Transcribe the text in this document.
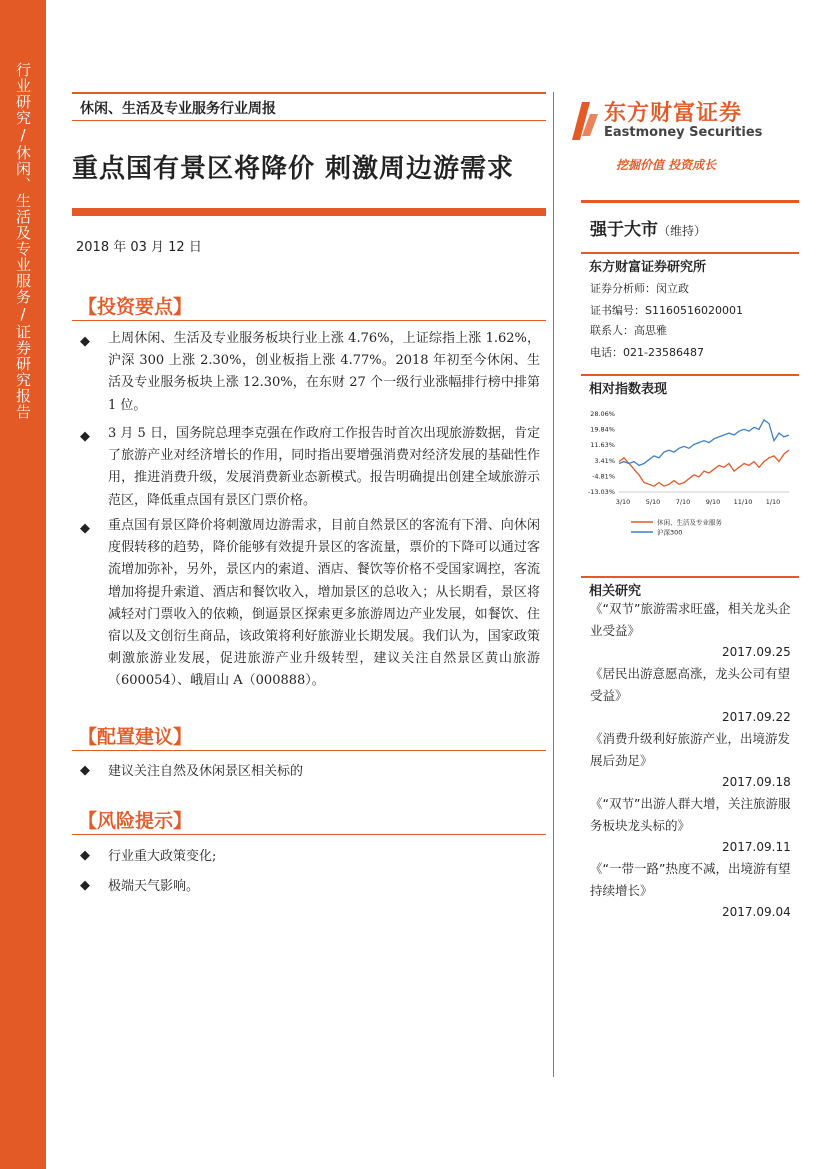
行业研究/休闲、生活及专业服务/证券研究报告	休闲、生活及专业服务行业周报
重点国有景区将降价 刺激周边游需求
2018 年 03 月 12 日
【投资要点】
◆ 上周休闲、生活及专业服务板块行业上涨 4.76%，上证综指上涨 1.62%，沪深 300 上涨 2.30%，创业板指上涨 4.77%。2018 年初至今休闲、生活及专业服务板块上涨 12.30%，在东财 27 个一级行业涨幅排行榜中排第 1 位。
◆ 3 月 5 日，国务院总理李克强在作政府工作报告时首次出现旅游数据，肯定了旅游产业对经济增长的作用，同时指出要增强消费对经济发展的基础性作用，推进消费升级，发展消费新业态新模式。报告明确提出创建全域旅游示范区，降低重点国有景区门票价格。
◆ 重点国有景区降价将刺激周边游需求，目前自然景区的客流有下滑、向休闲度假转移的趋势，降价能够有效提升景区的客流量，票价的下降可以通过客流增加弥补，另外，景区内的索道、酒店、餐饮等价格不受国家调控，客流增加将提升索道、酒店和餐饮收入，增加景区的总收入；从长期看，景区将减轻对门票收入的依赖，倒逼景区探索更多旅游周边产业发展，如餐饮、住宿以及文创衍生商品，该政策将利好旅游业长期发展。我们认为，国家政策刺激旅游业发展，促进旅游产业升级转型，建议关注自然景区黄山旅游（600054）、峨眉山 A（000888）。
【配置建议】
◆ 建议关注自然及休闲景区相关标的
【风险提示】
◆ 行业重大政策变化;
◆ 极端天气影响。
东方财富证券
Eastmoney Securities
挖掘价值 投资成长
强于大市（维持）
东方财富证券研究所
证券分析师：闵立政
证书编号：S1160516020001
联系人：高思雅
电话：021-23586487
相对指数表现
28.06%
19.84%
11.63%
3.41%
-4.81%
-13.03%
3/10 5/10 7/10 9/10 11/10 1/10
休闲、生活及专业服务
沪深300
相关研究
《“双节”旅游需求旺盛，相关龙头企业受益》
2017.09.25
《居民出游意愿高涨，龙头公司有望受益》
2017.09.22
《消费升级利好旅游产业，出境游发展后劲足》
2017.09.18
《“双节”出游人群大增，关注旅游服务板块龙头标的》
2017.09.11
《“一带一路”热度不减，出境游有望持续增长》
2017.09.04
